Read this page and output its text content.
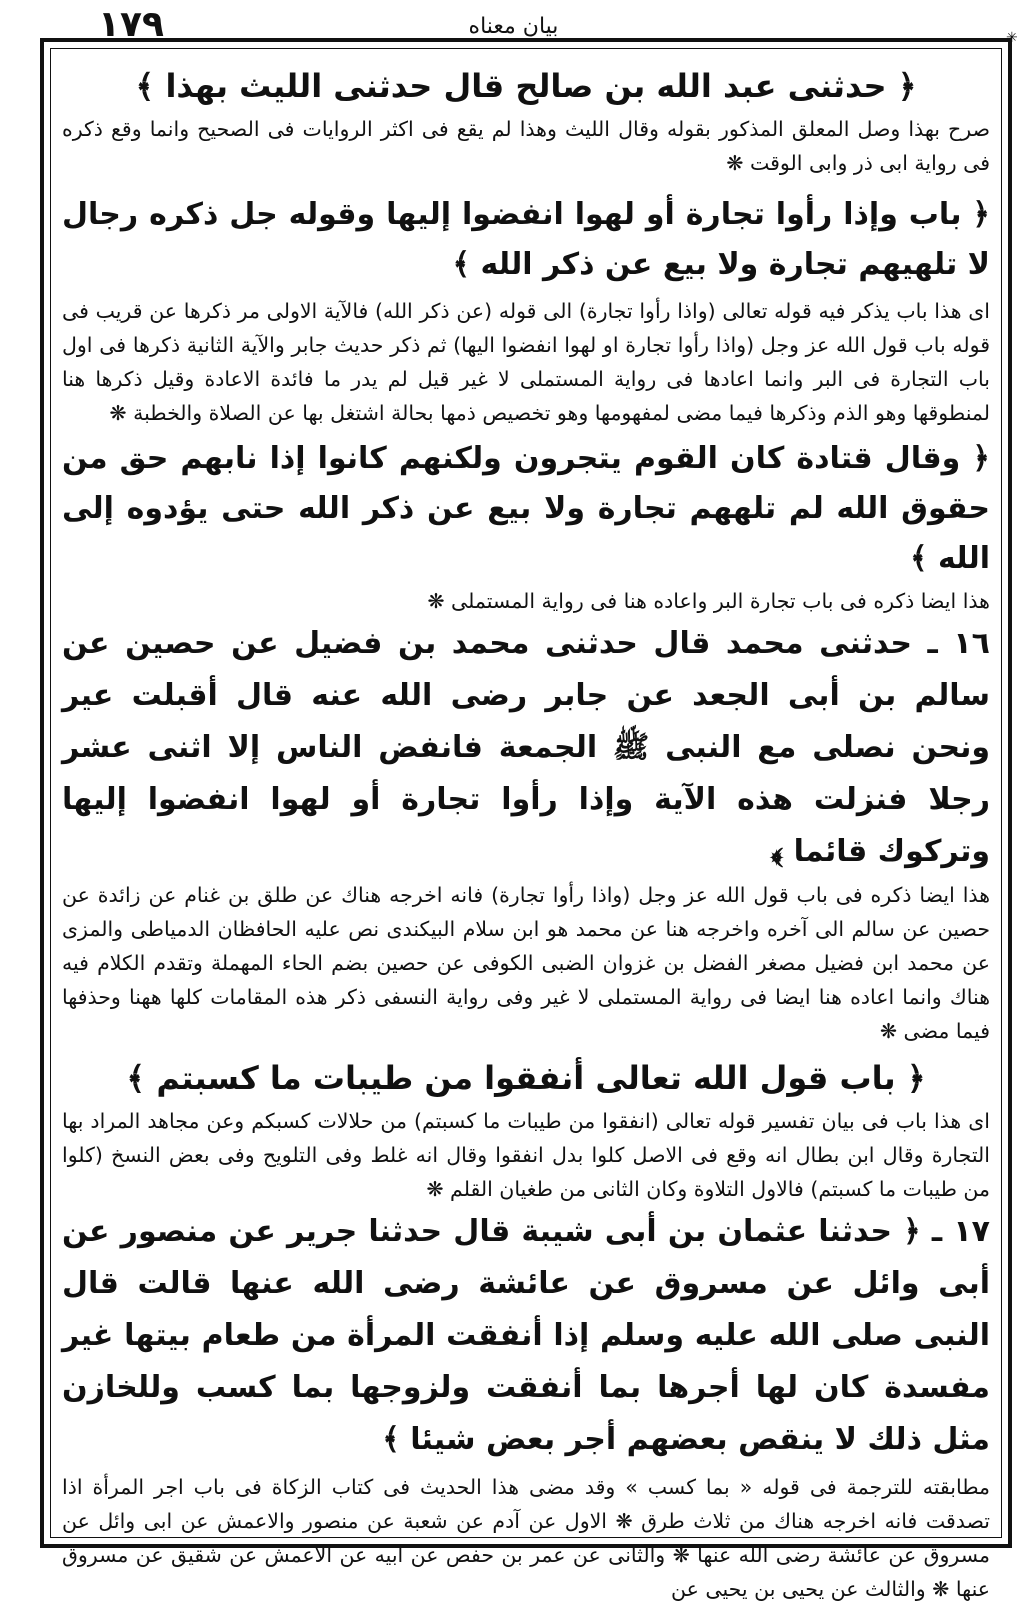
١٧٩	بيان معناه	✳

﴿ حدثنى عبد الله بن صالح قال حدثنى الليث بهذا ﴾

صرح بهذا وصل المعلق المذكور بقوله وقال الليث وهذا لم يقع فى اكثر الروايات فى الصحيح وانما وقع ذكره فى رواية ابى ذر وابى الوقت ❋

﴿ باب وإذا رأوا تجارة أو لهوا انفضوا إليها وقوله جل ذكره رجال لا تلهيهم تجارة ولا بيع عن ذكر الله ﴾

اى هذا باب يذكر فيه قوله تعالى (واذا رأوا تجارة) الى قوله (عن ذكر الله) فالآية الاولى مر ذكرها عن قريب فى قوله باب قول الله عز وجل (واذا رأوا تجارة او لهوا انفضوا اليها) ثم ذكر حديث جابر والآية الثانية ذكرها فى اول باب التجارة فى البر وانما اعادها فى رواية المستملى لا غير قيل لم يدر ما فائدة الاعادة وقيل ذكرها هنا لمنطوقها وهو الذم وذكرها فيما مضى لمفهومها وهو تخصيص ذمها بحالة اشتغل بها عن الصلاة والخطبة ❋

﴿ وقال قتادة كان القوم يتجرون ولكنهم كانوا إذا نابهم حق من حقوق الله لم تلههم تجارة ولا بيع عن ذكر الله حتى يؤدوه إلى الله ﴾

هذا ايضا ذكره فى باب تجارة البر واعاده هنا فى رواية المستملى ❋

١٦ ـ حدثنى محمد قال حدثنى محمد بن فضيل عن حصين عن سالم بن أبى الجعد عن جابر رضى الله عنه قال أقبلت عير ونحن نصلى مع النبى ﷺ الجمعة فانفض الناس إلا اثنى عشر رجلا فنزلت هذه الآية وإذا رأوا تجارة أو لهوا انفضوا إليها وتركوك قائما ﴾

هذا ايضا ذكره فى باب قول الله عز وجل (واذا رأوا تجارة) فانه اخرجه هناك عن طلق بن غنام عن زائدة عن حصين عن سالم الى آخره واخرجه هنا عن محمد هو ابن سلام البيكندى نص عليه الحافظان الدمياطى والمزى عن محمد ابن فضيل مصغر الفضل بن غزوان الضبى الكوفى عن حصين بضم الحاء المهملة وتقدم الكلام فيه هناك وانما اعاده هنا ايضا فى رواية المستملى لا غير وفى رواية النسفى ذكر هذه المقامات كلها ههنا وحذفها فيما مضى ❋

﴿ باب قول الله تعالى أنفقوا من طيبات ما كسبتم ﴾

اى هذا باب فى بيان تفسير قوله تعالى (انفقوا من طيبات ما كسبتم) من حلالات كسبكم وعن مجاهد المراد بها التجارة وقال ابن بطال انه وقع فى الاصل كلوا بدل انفقوا وقال انه غلط وفى التلويح وفى بعض النسخ (كلوا من طيبات ما كسبتم) فالاول التلاوة وكان الثانى من طغيان القلم ❋

١٧ ـ ﴿ حدثنا عثمان بن أبى شيبة قال حدثنا جرير عن منصور عن أبى وائل عن مسروق عن عائشة رضى الله عنها قالت قال النبى صلى الله عليه وسلم إذا أنفقت المرأة من طعام بيتها غير مفسدة كان لها أجرها بما أنفقت ولزوجها بما كسب وللخازن مثل ذلك لا ينقص بعضهم أجر بعض شيئا ﴾

مطابقته للترجمة فى قوله « بما كسب » وقد مضى هذا الحديث فى كتاب الزكاة فى باب اجر المرأة اذا تصدقت فانه اخرجه هناك من ثلاث طرق ❋ الاول عن آدم عن شعبة عن منصور والاعمش عن ابى وائل عن مسروق عن عائشة رضى الله عنها ❋ والثانى عن عمر بن حفص عن ابيه عن الاعمش عن شقيق عن مسروق عنها ❋ والثالث عن يحيى بن يحيى عن
